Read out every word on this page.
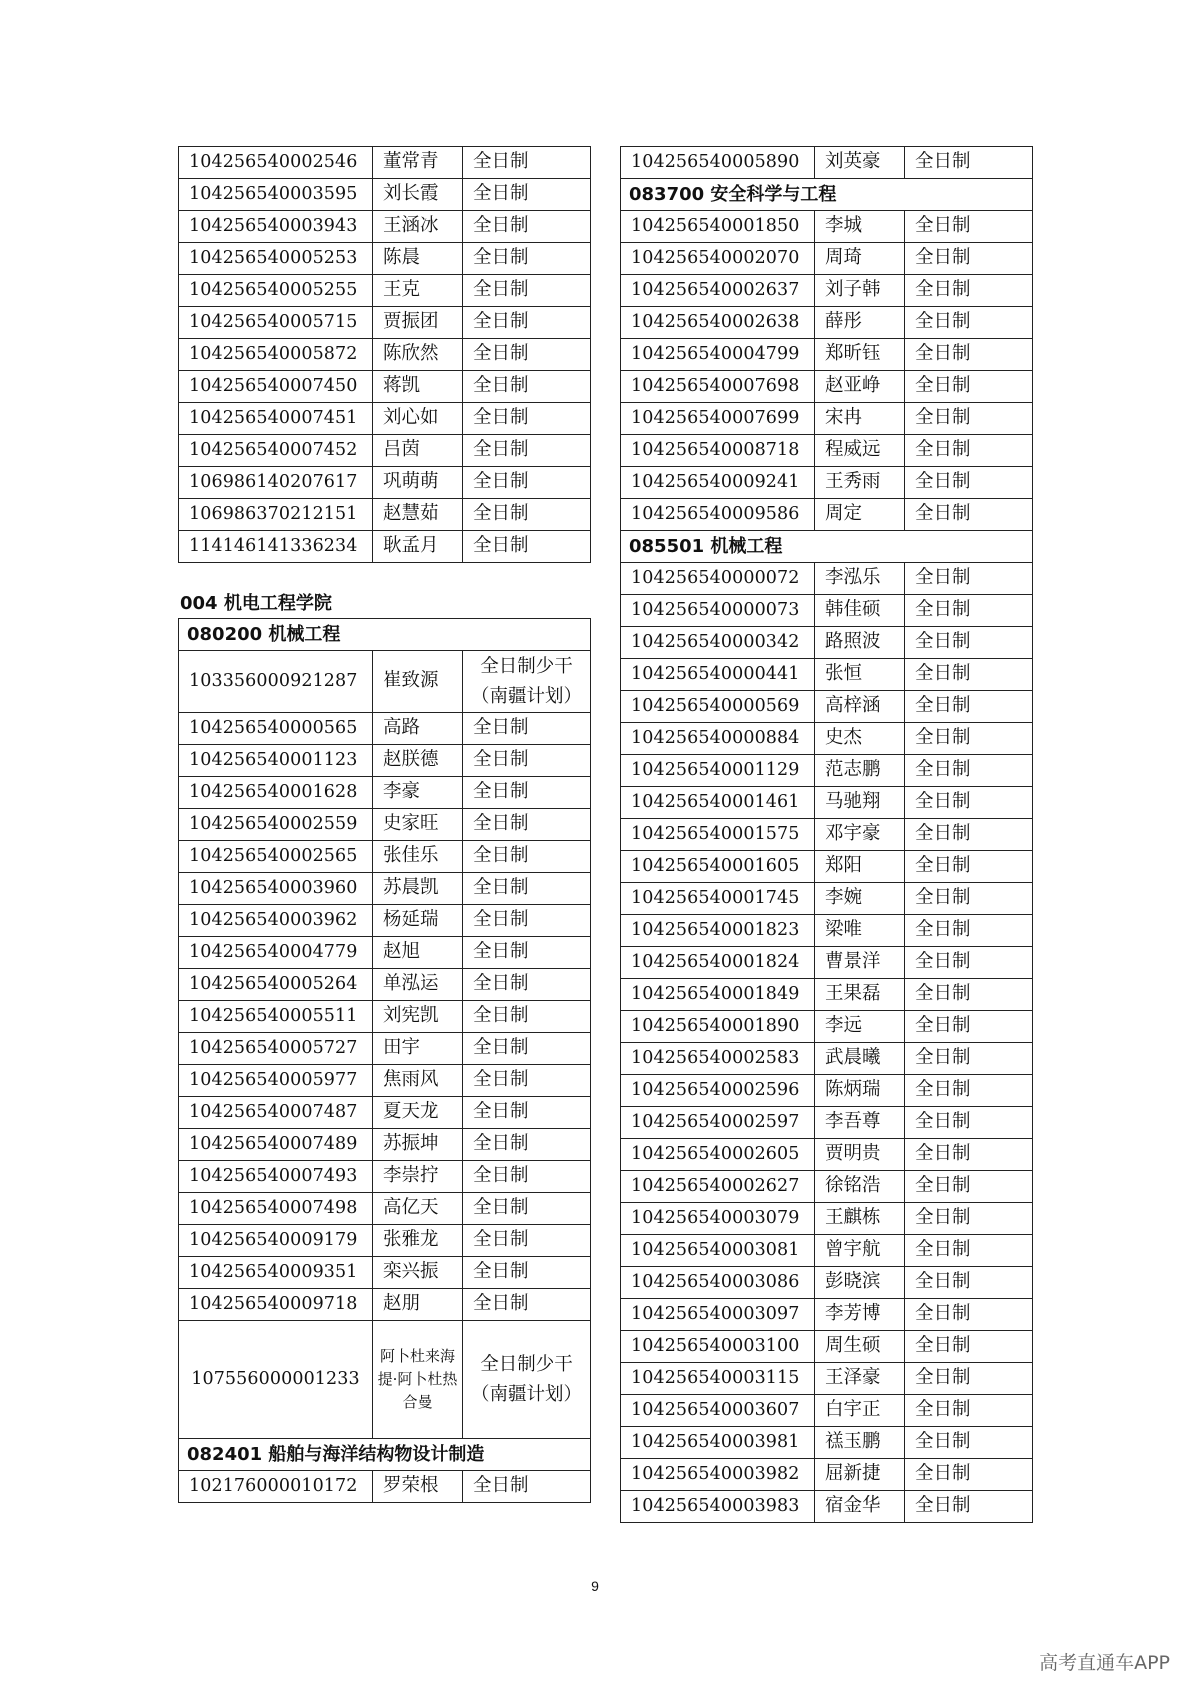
104256540002546	董常青	全日制
104256540003595	刘长霞	全日制
104256540003943	王涵冰	全日制
104256540005253	陈晨	全日制
104256540005255	王克	全日制
104256540005715	贾振团	全日制
104256540005872	陈欣然	全日制
104256540007450	蒋凯	全日制
104256540007451	刘心如	全日制
104256540007452	吕茵	全日制
106986140207617	巩萌萌	全日制
106986370212151	赵慧茹	全日制
114146141336234	耿孟月	全日制
004 机电工程学院
080200 机械工程		
103356000921287	崔致源	全日制少干（南疆计划）
104256540000565	高路	全日制
104256540001123	赵朕德	全日制
104256540001628	李豪	全日制
104256540002559	史家旺	全日制
104256540002565	张佳乐	全日制
104256540003960	苏晨凯	全日制
104256540003962	杨延瑞	全日制
104256540004779	赵旭	全日制
104256540005264	单泓运	全日制
104256540005511	刘宪凯	全日制
104256540005727	田宇	全日制
104256540005977	焦雨风	全日制
104256540007487	夏天龙	全日制
104256540007489	苏振坤	全日制
104256540007493	李崇拧	全日制
104256540007498	高亿天	全日制
104256540009179	张雅龙	全日制
104256540009351	栾兴振	全日制
104256540009718	赵朋	全日制
107556000001233	阿卜杜来海提·阿卜杜热合曼	全日制少干（南疆计划）
082401 船舶与海洋结构物设计制造		
102176000010172	罗荣根	全日制
104256540005890	刘英豪	全日制
083700 安全科学与工程		
104256540001850	李城	全日制
104256540002070	周琦	全日制
104256540002637	刘子韩	全日制
104256540002638	薛彤	全日制
104256540004799	郑昕钰	全日制
104256540007698	赵亚峥	全日制
104256540007699	宋冉	全日制
104256540008718	程威远	全日制
104256540009241	王秀雨	全日制
104256540009586	周定	全日制
085501 机械工程		
104256540000072	李泓乐	全日制
104256540000073	韩佳硕	全日制
104256540000342	路照波	全日制
104256540000441	张恒	全日制
104256540000569	高梓涵	全日制
104256540000884	史杰	全日制
104256540001129	范志鹏	全日制
104256540001461	马驰翔	全日制
104256540001575	邓宇豪	全日制
104256540001605	郑阳	全日制
104256540001745	李婉	全日制
104256540001823	梁唯	全日制
104256540001824	曹景洋	全日制
104256540001849	王果磊	全日制
104256540001890	李远	全日制
104256540002583	武晨曦	全日制
104256540002596	陈炳瑞	全日制
104256540002597	李吾尊	全日制
104256540002605	贾明贵	全日制
104256540002627	徐铭浩	全日制
104256540003079	王麒栋	全日制
104256540003081	曾宇航	全日制
104256540003086	彭晓滨	全日制
104256540003097	李芳博	全日制
104256540003100	周生硕	全日制
104256540003115	王泽豪	全日制
104256540003607	白宇正	全日制
104256540003981	禚玉鹏	全日制
104256540003982	屈新捷	全日制
104256540003983	宿金华	全日制
9
高考直通车APP
